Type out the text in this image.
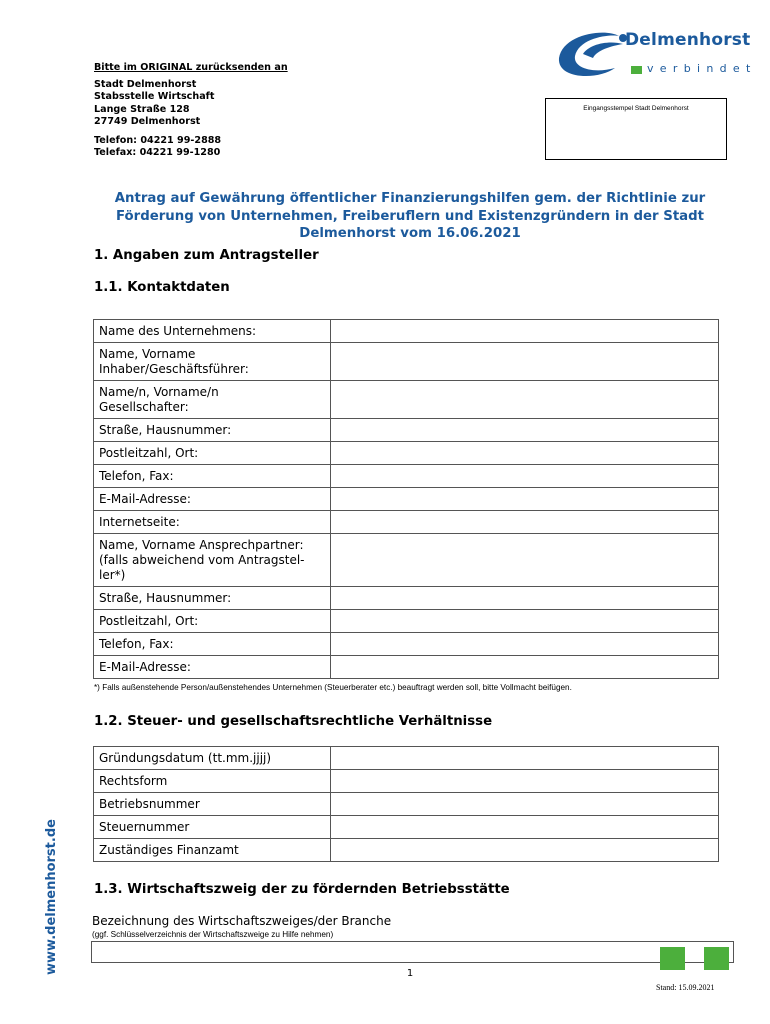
Bitte im ORIGINAL zurücksenden an
Stadt Delmenhorst
Stabsstelle Wirtschaft
Lange Straße 128
27749 Delmenhorst
Telefon: 04221 99-2888
Telefax: 04221 99-1280
Delmenhorst
verbindet
Eingangsstempel Stadt Delmenhorst
Antrag auf Gewährung öffentlicher Finanzierungshilfen gem. der Richtlinie zur Förderung von Unternehmen, Freiberuflern und Existenzgründern in der Stadt Delmenhorst vom 16.06.2021
1. Angaben zum Antragsteller
1.1. Kontaktdaten
Name des Unternehmens:	
Name, Vorname
Inhaber/Geschäftsführer:	
Name/n, Vorname/n
Gesellschafter:	
Straße, Hausnummer:	
Postleitzahl, Ort:	
Telefon, Fax:	
E-Mail-Adresse:	
Internetseite:	
Name, Vorname Ansprechpartner:
(falls abweichend vom Antragstel-
ler*)	
Straße, Hausnummer:	
Postleitzahl, Ort:	
Telefon, Fax:	
E-Mail-Adresse:	
*) Falls außenstehende Person/außenstehendes Unternehmen (Steuerberater etc.) beauftragt werden soll, bitte Vollmacht beifügen.
1.2. Steuer- und gesellschaftsrechtliche Verhältnisse
Gründungsdatum (tt.mm.jjjj)	
Rechtsform	
Betriebsnummer	
Steuernummer	
Zuständiges Finanzamt	
1.3. Wirtschaftszweig der zu fördernden Betriebsstätte
Bezeichnung des Wirtschaftszweiges/der Branche
(ggf. Schlüsselverzeichnis der Wirtschaftszweige zu Hilfe nehmen)
www.delmenhorst.de	1
Stand: 15.09.2021
